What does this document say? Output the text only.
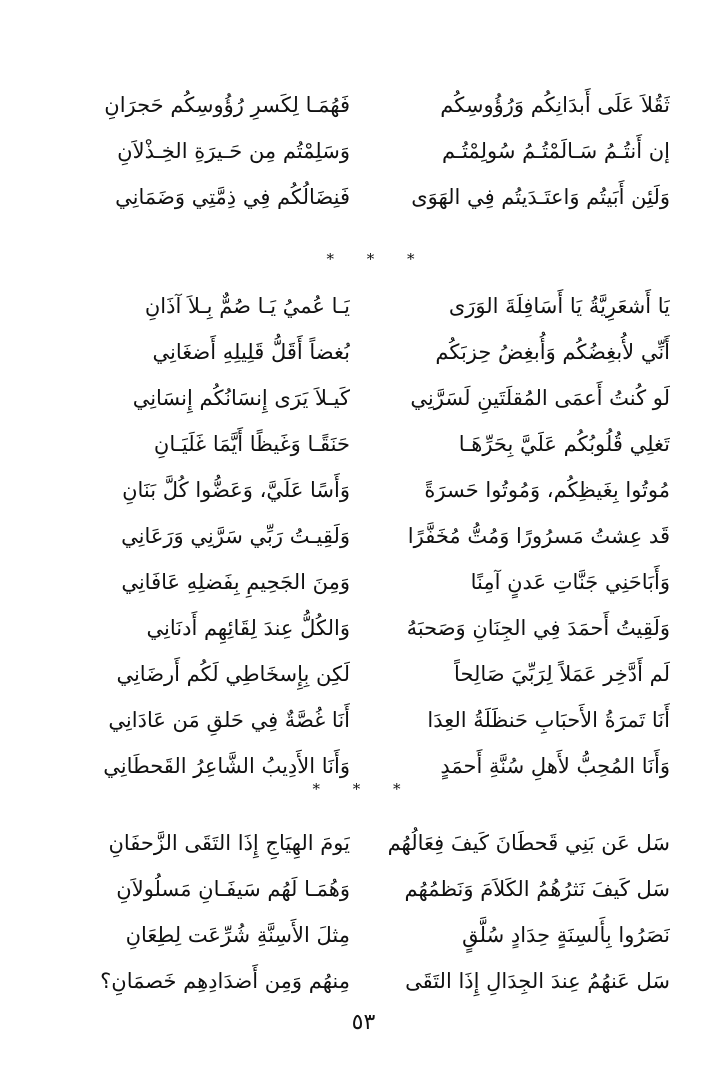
ثَقُلاَ عَلَى أَبدَانِكُم وَرُؤُوسِكُم
فَهُمَـا لِكَسرِ رُؤُوسِكُم حَجرَانِ
إن أَنتُـمُ سَـالَمْتُـمُ سُولِمْتُـم
وَسَلِمْتُم مِن حَـيرَةِ الخِـذْلاَنِ
وَلَئِن أَبَيتُم وَاعتَـدَيتُم فِي الهَوَى
فَنِضَالُكُم فِي ذِمَّتِي وَضَمَانِي
* * *
يَا أَشعَرِيَّةُ يَا أَسَافِلَةَ الوَرَى
يَـا عُميُ يَـا صُمٌّ بِـلاَ آذَانِ
أَنِّي لأُبغِضُكُم وَأُبغِضُ حِزبَكُم
بُغضاً أَقَلُّ قَلِيلِهِ أَضغَانِي
لَو كُنتُ أَعمَى المُقلَتَينِ لَسَرَّنِي
كَيـلاَ يَرَى إِنسَانُكُم إِنسَانِي
تَغلِي قُلُوبُكُم عَلَيَّ بِحَرِّهَـا
حَنَقًـا وَغَيظًا أَيَّمَا غَلَيَـانِ
مُوتُوا بِغَيظِكُم، وَمُوتُوا حَسرَةً
وَأَسًا عَلَيَّ، وَعَضُّوا كُلَّ بَنَانِ
قَد عِشتُ مَسرُورًا وَمُتُّ مُخَفَّرًا
وَلَقِيـتُ رَبِّي سَرَّنِي وَرَعَانِي
وَأَبَاحَنِي جَنَّاتِ عَدنٍ آمِنًا
وَمِنَ الجَحِيمِ بِفَضلِهِ عَافَانِي
وَلَقِيتُ أَحمَدَ فِي الجِنَانِ وَصَحبَهُ
وَالكُلُّ عِندَ لِقَائِهِم أَدنَانِي
لَم أَدَّخِر عَمَلاً لِرَبِّيَ صَالِحاً
لَكِن بِإِسخَاطِي لَكُم أَرضَانِي
أَنَا تَمرَةُ الأَحبَابِ حَنظَلَةُ العِدَا
أَنَا غُصَّةٌ فِي حَلقِ مَن عَادَانِي
وَأَنَا المُحِبُّ لأَهلِ سُنَّةِ أَحمَدٍ
وَأَنَا الأَدِيبُ الشَّاعِرُ القَحطَانِي
* * *
سَل عَن بَنِي قَحطَانَ كَيفَ فِعَالُهُم
يَومَ الهِيَاجِ إِذَا التَقَى الزَّحفَانِ
سَل كَيفَ نَثرُهُمُ الكَلاَمَ وَنَظمُهُم
وَهُمَـا لَهُم سَيفَـانِ مَسلُولاَنِ
نَصَرُوا بِأَلسِنَةٍ حِدَادٍ سُلَّقٍ
مِثلَ الأَسِنَّةِ شُرِّعَت لِطِعَانِ
سَل عَنهُمُ عِندَ الجِدَالِ إِذَا التَقَى
مِنهُم وَمِن أَضدَادِهِم خَصمَانِ؟
٥٣
